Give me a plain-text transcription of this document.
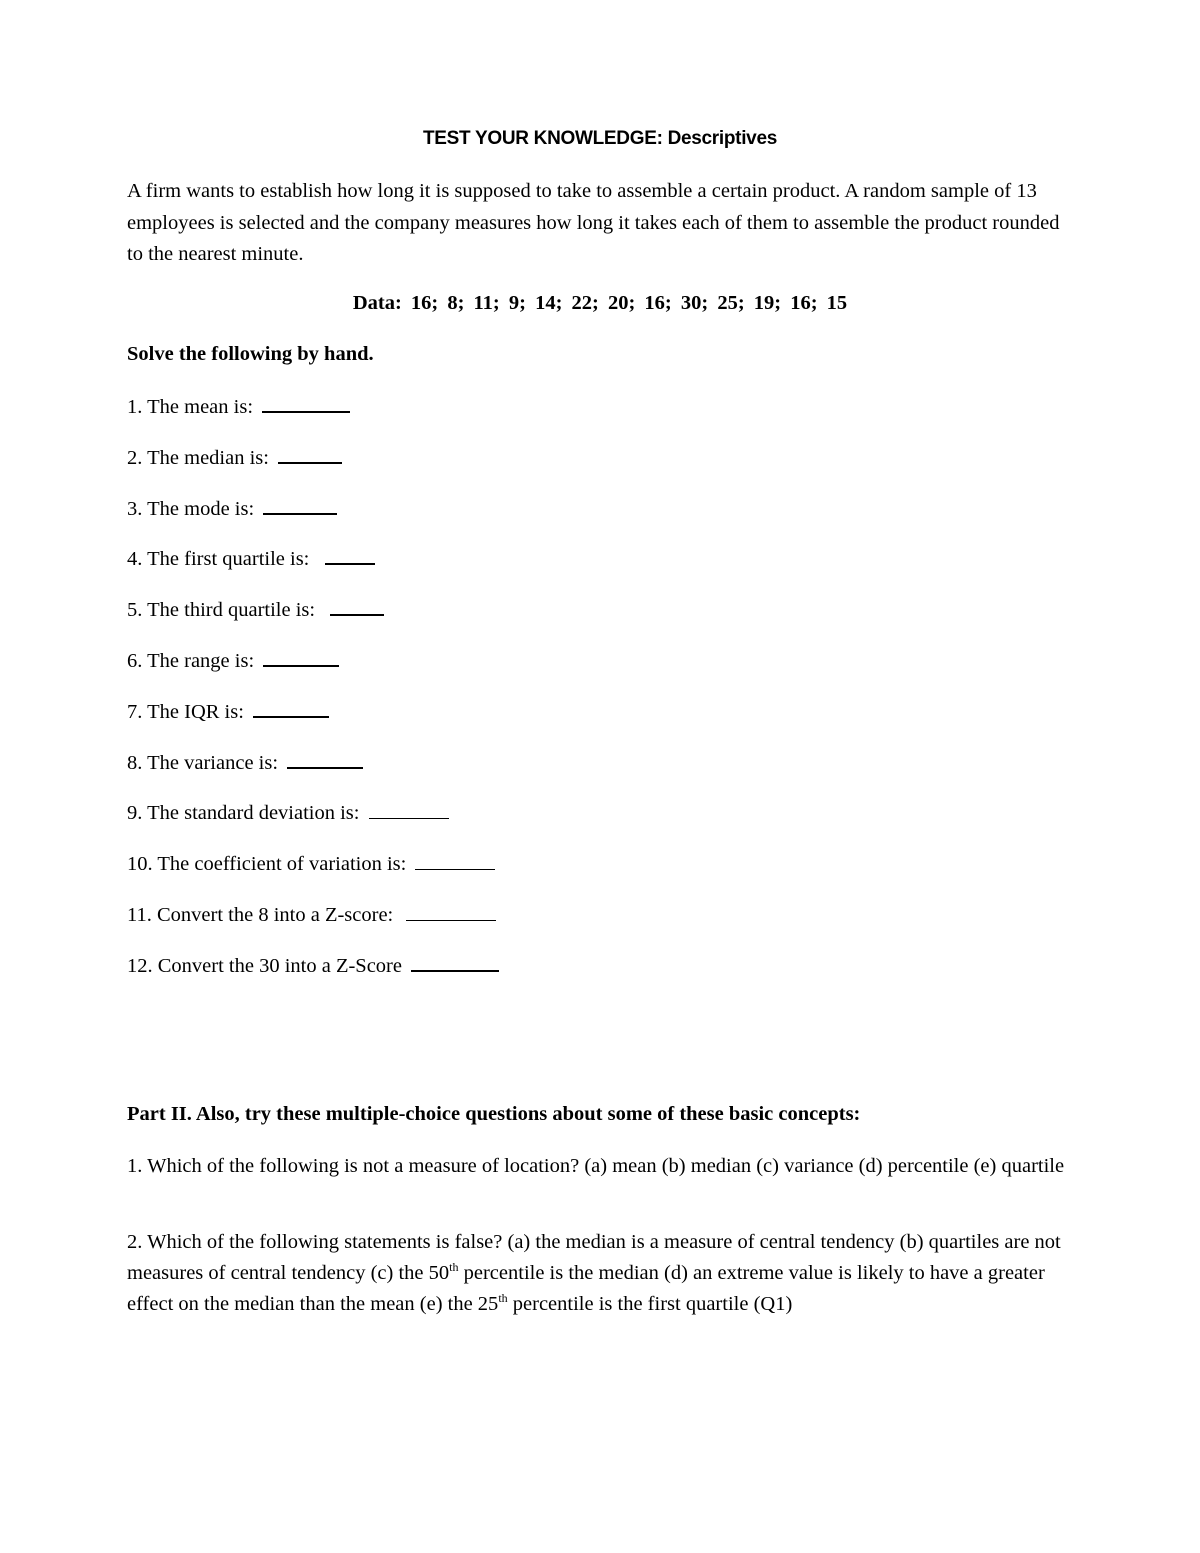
TEST YOUR KNOWLEDGE: Descriptives

A firm wants to establish how long it is supposed to take to assemble a certain product. A random sample of 13 employees is selected and the company measures how long it takes each of them to assemble the product rounded to the nearest minute.

Data: 16; 8; 11; 9; 14; 22; 20; 16; 30; 25; 19; 16; 15
Solve the following by hand.
1. The mean is:
2. The median is:
3. The mode is:
4. The first quartile is:
5. The third quartile is:
6. The range is:
7. The IQR is:
8. The variance is:
9. The standard deviation is:
10. The coefficient of variation is:
11. Convert the 8 into a Z-score:
12. Convert the 30 into a Z-Score
Part II. Also, try these multiple-choice questions about some of these basic concepts:

1. Which of the following is not a measure of location? (a) mean (b) median (c) variance (d) percentile (e) quartile

2. Which of the following statements is false? (a) the median is a measure of central tendency (b) quartiles are not measures of central tendency (c) the 50th percentile is the median (d) an extreme value is likely to have a greater effect on the median than the mean (e) the 25th percentile is the first quartile (Q1)
